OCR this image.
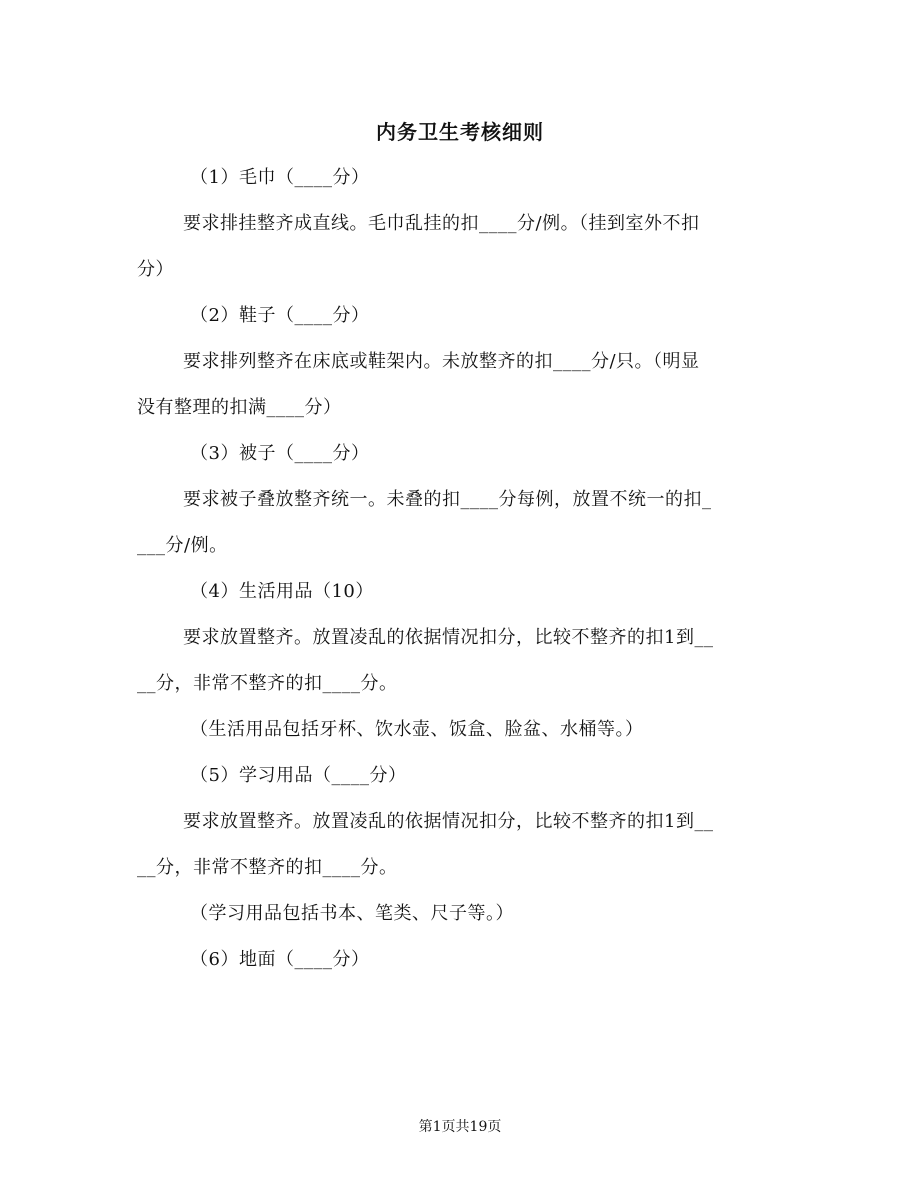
内务卫生考核细则
（1）毛巾（____分）
要求排挂整齐成直线。毛巾乱挂的扣____分/例。（挂到室外不扣
分）
（2）鞋子（____分）
要求排列整齐在床底或鞋架内。未放整齐的扣____分/只。（明显
没有整理的扣满____分）
（3）被子（____分）
要求被子叠放整齐统一。未叠的扣____分每例，放置不统一的扣_
___分/例。
（4）生活用品（10）
要求放置整齐。放置凌乱的依据情况扣分，比较不整齐的扣1到__
__分，非常不整齐的扣____分。
（生活用品包括牙杯、饮水壶、饭盒、脸盆、水桶等。）
（5）学习用品（____分）
要求放置整齐。放置凌乱的依据情况扣分，比较不整齐的扣1到__
__分，非常不整齐的扣____分。
（学习用品包括书本、笔类、尺子等。）
（6）地面（____分）
第1页共19页
